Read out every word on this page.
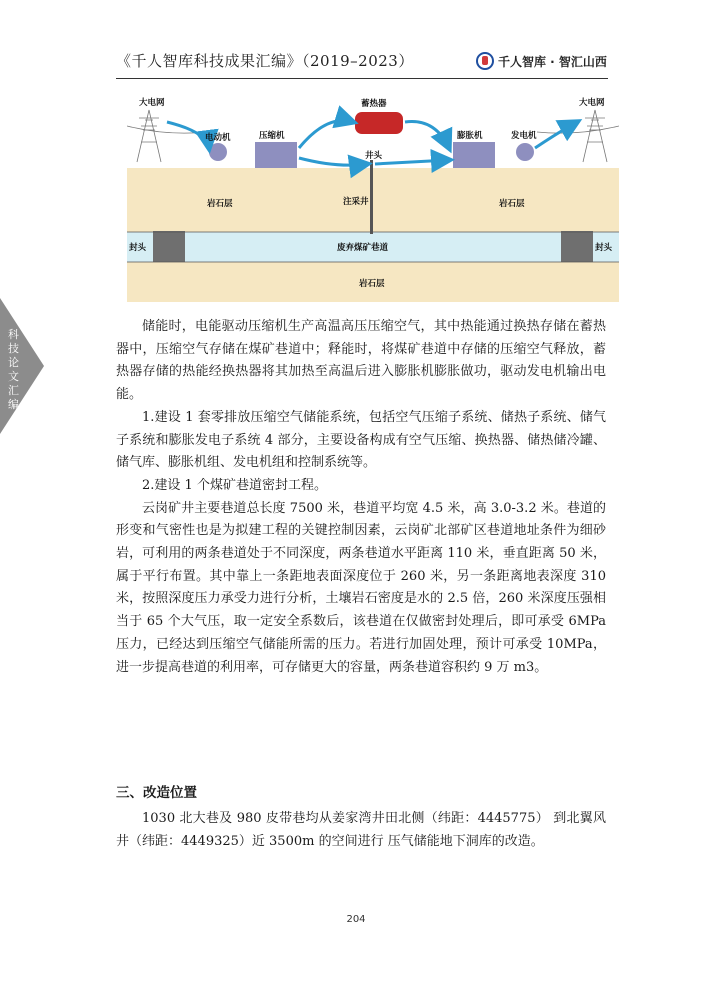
《千人智库科技成果汇编》（2019–2023）	千人智库 · 智汇山西
科技论文汇编
大电网
电动机	压缩机
蓄热器
井头
膨胀机	发电机
大电网
岩石层	注采井	岩石层
封头	废弃煤矿巷道	封头
岩石层

储能时，电能驱动压缩机生产高温高压压缩空气，其中热能通过换热存储在蓄热器中，压缩空气存储在煤矿巷道中；释能时，将煤矿巷道中存储的压缩空气释放，蓄热器存储的热能经换热器将其加热至高温后进入膨胀机膨胀做功，驱动发电机输出电能。

1.建设 1 套零排放压缩空气储能系统，包括空气压缩子系统、储热子系统、储气子系统和膨胀发电子系统 4 部分，主要设备构成有空气压缩、换热器、储热储冷罐、储气库、膨胀机组、发电机组和控制系统等。

2.建设 1 个煤矿巷道密封工程。

云岗矿井主要巷道总长度 7500 米，巷道平均宽 4.5 米，高 3.0-3.2 米。巷道的形变和气密性也是为拟建工程的关键控制因素，云岗矿北部矿区巷道地址条件为细砂岩，可利用的两条巷道处于不同深度，两条巷道水平距离 110 米，垂直距离 50 米，属于平行布置。其中靠上一条距地表面深度位于 260 米，另一条距离地表深度 310 米，按照深度压力承受力进行分析，土壤岩石密度是水的 2.5 倍，260 米深度压强相当于 65 个大气压，取一定安全系数后，该巷道在仅做密封处理后，即可承受 6MPa 压力，已经达到压缩空气储能所需的压力。若进行加固处理，预计可承受 10MPa，进一步提高巷道的利用率，可存储更大的容量，两条巷道容积约 9 万 m3。

三、改造位置

1030 北大巷及 980 皮带巷均从姜家湾井田北侧（纬距：4445775） 到北翼风井（纬距：4449325）近 3500m 的空间进行 压气储能地下洞库的改造。

204
